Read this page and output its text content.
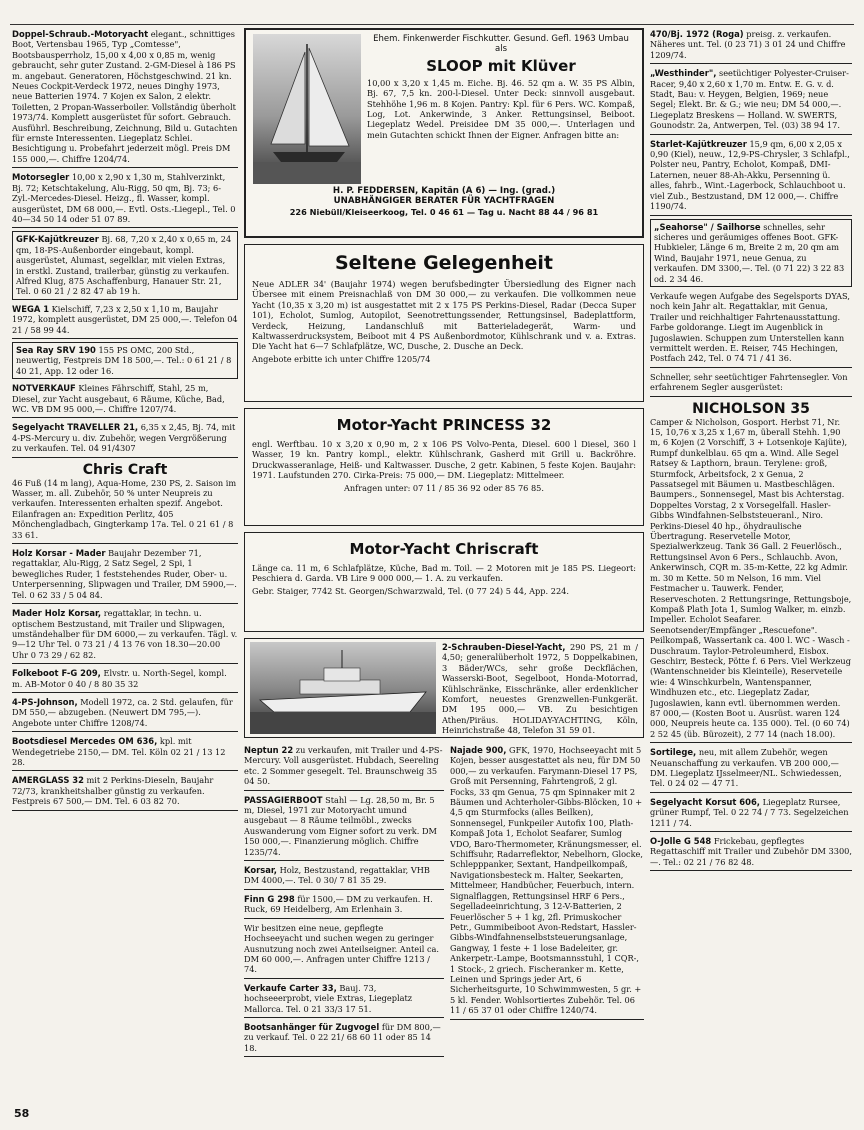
Doppel-Schraub.-Motoryacht elegant., schnittiges Boot, Vertensbau 1965, Typ „Comtesse", Bootsbausperrholz, 15,00 x 4,00 x 0,85 m, wenig gebraucht, sehr guter Zustand. 2-GM-Diesel à 186 PS m. angebaut. Generatoren, Höchstgeschwind. 21 kn. Neues Cockpit-Verdeck 1972, neues Dinghy 1973, neue Batterien 1974. 7 Kojen ex Salon, 2 elektr. Toiletten, 2 Propan-Wasserboiler. Vollständig überholt 1973/74. Komplett ausgerüstet für sofort. Gebrauch. Ausführl. Beschreibung, Zeichnung, Bild u. Gutachten für ernste Interessenten. Liegeplatz Schlei. Besichtigung u. Probefahrt jederzeit mögl. Preis DM 155 000,—. Chiffre 1204/74.
Motorsegler 10,00 x 2,90 x 1,30 m, Stahlverzinkt, Bj. 72; Ketschtakelung, Alu-Rigg, 50 qm, Bj. 73; 6-Zyl.-Mercedes-Diesel. Heizg., fl. Wasser, kompl. ausgerüstet, DM 68 000,—. Evtl. Osts.-Liegepl., Tel. 0 40—34 50 14 oder 51 07 89.
GFK-Kajütkreuzer Bj. 68, 7,20 x 2,40 x 0,65 m, 24 qm, 18-PS-Außenborder eingebaut, kompl. ausgerüstet, Alumast, segelklar, mit vielen Extras, in erstkl. Zustand, trailerbar, günstig zu verkaufen. Alfred Klug, 875 Aschaffenburg, Hanauer Str. 21, Tel. 0 60 21 / 2 82 47 ab 19 h.
WEGA 1 Kielschiff, 7,23 x 2,50 x 1,10 m, Baujahr 1972, komplett ausgerüstet, DM 25 000,—. Telefon 04 21 / 58 99 44.
Sea Ray SRV 190 155 PS OMC, 200 Std., neuwertig, Festpreis DM 18 500,—. Tel.: 0 61 21 / 8 40 21, App. 12 oder 16.
NOTVERKAUF Kleines Fährschiff, Stahl, 25 m, Diesel, zur Yacht ausgebaut, 6 Räume, Küche, Bad, WC. VB DM 95 000,—. Chiffre 1207/74.
Segelyacht TRAVELLER 21, 6,35 x 2,45, Bj. 74, mit 4-PS-Mercury u. div. Zubehör, wegen Vergrößerung zu verkaufen. Tel. 04 91/4307
Chris Craft
46 Fuß (14 m lang), Aqua-Home, 230 PS, 2. Saison im Wasser, m. all. Zubehör, 50 % unter Neupreis zu verkaufen. Interessenten erhalten spezif. Angebot. Eilanfragen an: Expedition Perlitz, 405 Mönchengladbach, Gingterkamp 17a. Tel. 0 21 61 / 8 33 61.
Holz Korsar - Mader Baujahr Dezember 71, regattaklar, Alu-Rigg, 2 Satz Segel, 2 Spi, 1 bewegliches Ruder, 1 feststehendes Ruder, Ober- u. Unterpersenning, Slipwagen und Trailer, DM 5900,—. Tel. 0 62 33 / 5 04 84.
Mader Holz Korsar, regattaklar, in techn. u. optischem Bestzustand, mit Trailer und Slipwagen, umständehalber für DM 6000,— zu verkaufen. Tägl. v. 9—12 Uhr Tel. 0 73 21 / 4 13 76 von 18.30—20.00 Uhr 0 73 29 / 62 82.
Folkeboot F-G 209, Elvstr. u. North-Segel, kompl. m. AB-Motor 0 40 / 8 80 35 32
4-PS-Johnson, Modell 1972, ca. 2 Std. gelaufen, für DM 550,— abzugeben. (Neuwert DM 795,—). Angebote unter Chiffre 1208/74.
Bootsdiesel Mercedes OM 636, kpl. mit Wendegetriebe 2150,— DM. Tel. Köln 02 21 / 13 12 28.
AMERGLASS 32 mit 2 Perkins-Dieseln, Baujahr 72/73, krankheitshalber günstig zu verkaufen. Festpreis 67 500,— DM. Tel. 6 03 82 70.
Ehem. Finkenwerder Fischkutter. Gesund. Gefl. 1963 Umbau als
SLOOP mit Klüver
10,00 x 3,20 x 1,45 m. Eiche. Bj. 46. 52 qm a. W. 35 PS Albin, Bj. 67, 7,5 kn. 200-l-Diesel. Unter Deck: sinnvoll ausgebaut. Stehhöhe 1,96 m. 8 Kojen. Pantry: Kpl. für 6 Pers. WC. Kompaß, Log, Lot. Ankerwinde, 3 Anker. Rettungsinsel, Beiboot. Liegeplatz Wedel. Preisidee DM 35 000,—. Unterlagen und mein Gutachten schickt Ihnen der Eigner. Anfragen bitte an:
H. P. FEDDERSEN, Kapitän (A 6) — Ing. (grad.)
UNABHÄNGIGER BERATER FÜR YACHTFRAGEN
226 Niebüll/Kleiseerkoog, Tel. 0 46 61 — Tag u. Nacht 88 44 / 96 81
Seltene Gelegenheit
Neue ADLER 34' (Baujahr 1974) wegen berufsbedingter Übersiedlung des Eigner nach Übersee mit einem Preisnachlaß von DM 30 000,— zu verkaufen. Die vollkommen neue Yacht (10,35 x 3,20 m) ist ausgestattet mit 2 x 175 PS Perkins-Diesel, Radar (Decca Super 101), Echolot, Sumlog, Autopilot, Seenotrettungssender, Rettungsinsel, Badeplattform, Verdeck, Heizung, Landanschluß mit Batterieladegerät, Warm- und Kaltwasserdrucksystem, Beiboot mit 4 PS Außenbordmotor, Kühlschrank und v. a. Extras. Die Yacht hat 6—7 Schlafplätze, WC, Dusche, 2. Dusche an Deck.
Angebote erbitte ich unter Chiffre 1205/74
Motor-Yacht PRINCESS 32
engl. Werftbau. 10 x 3,20 x 0,90 m, 2 x 106 PS Volvo-Penta, Diesel. 600 l Diesel, 360 l Wasser, 19 kn. Pantry kompl., elektr. Kühlschrank, Gasherd mit Grill u. Backröhre. Druckwasseranlage, Heiß- und Kaltwasser. Dusche, 2 getr. Kabinen, 5 feste Kojen. Baujahr: 1971. Laufstunden 270. Cirka-Preis: 75 000,— DM. Liegeplatz: Mittelmeer.
Anfragen unter: 07 11 / 85 36 92 oder 85 76 85.
Motor-Yacht Chriscraft
Länge ca. 11 m, 6 Schlafplätze, Küche, Bad m. Toil. — 2 Motoren mit je 185 PS. Liegeort: Peschiera d. Garda. VB Lire 9 000 000,— 1. A. zu verkaufen.
Gebr. Staiger, 7742 St. Georgen/Schwarzwald, Tel. (0 77 24) 5 44, App. 224.
2-Schrauben-Diesel-Yacht, 290 PS, 21 m / 4,50; generalüberholt 1972, 5 Doppelkabinen, 3 Bäder/WCs, sehr große Deckflächen, Wasserski-Boot, Segelboot, Honda-Motorrad, Kühlschränke, Eisschränke, aller erdenklicher Komfort, neuestes Grenzwellen-Funkgerät. DM 195 000,— VB. Zu besichtigen Athen/Piräus. HOLIDAY-YACHTING, Köln, Heinrichstraße 48, Telefon 31 59 01.
Neptun 22 zu verkaufen, mit Trailer und 4-PS-Mercury. Voll ausgerüstet. Hubdach, Seereling etc. 2 Sommer gesegelt. Tel. Braunschweig 35 04 50.
PASSAGIERBOOT Stahl — Lg. 28,50 m, Br. 5 m, Diesel, 1971 zur Motoryacht umund ausgebaut — 8 Räume teilmöbl., zwecks Auswanderung vom Eigner sofort zu verk. DM 150 000,—. Finanzierung möglich. Chiffre 1235/74.
Korsar, Holz, Bestzustand, regattaklar, VHB DM 4000,—. Tel. 0 30/ 7 81 35 29.
Finn G 298 für 1500,— DM zu verkaufen. H. Ruck, 69 Heidelberg, Am Erlenhain 3.
Wir besitzen eine neue, gepflegte Hochseeyacht und suchen wegen zu geringer Ausnutzung noch zwei Anteilseigner. Anteil ca. DM 60 000,—. Anfragen unter Chiffre 1213 / 74.
Verkaufe Carter 33, Bauj. 73, hochseeerprobt, viele Extras, Liegeplatz Mallorca. Tel. 0 21 33/3 17 51.
Bootsanhänger für Zugvogel für DM 800,— zu verkauf. Tel. 0 22 21/ 68 60 11 oder 85 14 18.
Najade 900, GFK, 1970, Hochseeyacht mit 5 Kojen, besser ausgestattet als neu, für DM 50 000,— zu verkaufen. Farymann-Diesel 17 PS, Groß mit Persenning, Fahrtengroß, 2 gl. Focks, 33 qm Genua, 75 qm Spinnaker mit 2 Bäumen und Achterholer-Gibbs-Blöcken, 10 + 4,5 qm Sturmfocks (alles Beilken), Sonnensegel, Funkpeiler Autofix 100, Plath-Kompaß Jota 1, Echolot Seafarer, Sumlog VDO, Baro-Thermometer, Kränungsmesser, el. Schiffsuhr, Radarreflektor, Nebelhorn, Glocke, Schlepppanker, Sextant, Handpeilkompaß, Navigationsbesteck m. Halter, Seekarten, Mittelmeer, Handbücher, Feuerbuch, intern. Signalflaggen, Rettungsinsel HRF 6 Pers., Segelladeeinrichtung, 3 12-V-Batterien, 2 Feuerlöscher 5 + 1 kg, 2fl. Primuskocher Petr., Gummibeiboot Avon-Redstart, Hassler-Gibbs-Windfahnenselbststeuerungsanlage, Gangway, 1 feste + 1 lose Badeleiter, gr. Ankerpetr.-Lampe, Bootsmannsstuhl, 1 CQR-, 1 Stock-, 2 griech. Fischeranker m. Kette, Leinen und Springs jeder Art, 6 Sicherheitsgurte, 10 Schwimmwesten, 5 gr. + 5 kl. Fender. Wohlsortiertes Zubehör. Tel. 06 11 / 65 37 01 oder Chiffre 1240/74.
470/Bj. 1972 (Roga) preisg. z. verkaufen. Näheres unt. Tel. (0 23 71) 3 01 24 und Chiffre 1209/74.
„Westhinder", seetüchtiger Polyester-Cruiser-Racer, 9,40 x 2,60 x 1,70 m. Entw. E. G. v. d. Stadt, Bau: v. Heygen, Belgien, 1969; neue Segel; Elekt. Br. & G.; wie neu; DM 54 000,—. Liegeplatz Breskens — Holland. W. SWERTS, Gounodstr. 2a, Antwerpen, Tel. (03) 38 94 17.
Starlet-Kajütkreuzer 15,9 qm, 6,00 x 2,05 x 0,90 (Kiel), neuw., 12,9-PS-Chrysler, 3 Schlafpl., Polster neu, Pantry, Echolot, Kompaß, DMI-Laternen, neuer 88-Ah-Akku, Persenning ü. alles, fahrb., Wint.-Lagerbock, Schlauchboot u. viel Zub., Bestzustand, DM 12 000,—. Chiffre 1190/74.
„Seahorse" / Sailhorse schnelles, sehr sicheres und geräumiges offenes Boot. GFK-Hubkieler, Länge 6 m, Breite 2 m, 20 qm am Wind, Baujahr 1971, neue Genua, zu verkaufen. DM 3300,—. Tel. (0 71 22) 3 22 83 od. 2 34 46.
Verkaufe wegen Aufgabe des Segelsports DYAS, noch kein Jahr alt. Regattaklar, mit Genua, Trailer und reichhaltiger Fahrtenausstattung. Farbe goldorange. Liegt im Augenblick in Jugoslawien. Schuppen zum Unterstellen kann vermittelt werden. E. Reiser, 745 Hechingen, Postfach 242, Tel. 0 74 71 / 41 36.
Schneller, sehr seetüchtiger Fahrtensegler. Von erfahrenem Segler ausgerüstet:
NICHOLSON 35
Camper & Nicholson, Gosport. Herbst 71, Nr. 15, 10,76 x 3,25 x 1,67 m, überall Stehh. 1,90 m, 6 Kojen (2 Vorschiff, 3 + Lotsenkoje Kajüte), Rumpf dunkelblau. 65 qm a. Wind. Alle Segel Ratsey & Lapthorn, braun. Terylene: groß, Sturmfock, Arbeitsfock, 2 x Genua, 2 Passatsegel mit Bäumen u. Mastbeschlägen. Baumpers., Sonnensegel, Mast bis Achterstag. Doppeltes Vorstag, 2 x Vorsegelfall. Hasler-Gibbs Windfahnen-Selbststeueranl., Niro. Perkins-Diesel 40 hp., öhydraulische Übertragung. Reservetelle Motor, Spezialwerkzeug. Tank 36 Gall. 2 Feuerlösch., Rettungsinsel Avon 6 Pers., Schlauchb. Avon, Ankerwinsch, CQR m. 35-m-Kette, 22 kg Admir. m. 30 m Kette. 50 m Nelson, 16 mm. Viel Festmacher u. Tauwerk. Fender, Reserveschoten. 2 Rettungsringe, Rettungsboje, Kompaß Plath Jota 1, Sumlog Walker, m. einzb. Impeller. Echolot Seafarer. Seenotsender/Empfänger „Rescuefone". Peilkompaß, Wassertank ca. 400 l. WC - Wasch - Duschraum. Taylor-Petroleumherd, Eisbox. Geschirr, Besteck, Pötte f. 6 Pers. Viel Werkzeug (Wantenschneider bis Kleinteile), Reserveteile wie: 4 Winschkurbeln, Wantenspanner, Windhuzen etc., etc. Liegeplatz Zadar, Jugoslawien, kann evtl. übernommen werden. 87 000,— (Kosten Boot u. Ausrüst. waren 124 000, Neupreis heute ca. 135 000). Tel. (0 60 74) 2 52 45 (üb. Bürozeit), 2 77 14 (nach 18.00).
Sortilege, neu, mit allem Zubehör, wegen Neuanschaffung zu verkaufen. VB 200 000,— DM. Liegeplatz IJsselmeer/NL. Schwiedessen, Tel. 0 24 02 — 47 71.
Segelyacht Korsut 606, Liegeplatz Rursee, grüner Rumpf, Tel. 0 22 74 / 7 73. Segelzeichen 1211 / 74.
O-Jolle G 548 Frickebau, gepflegtes Regattaschiff mit Trailer und Zubehör DM 3300,—. Tel.: 02 21 / 76 82 48.
58
